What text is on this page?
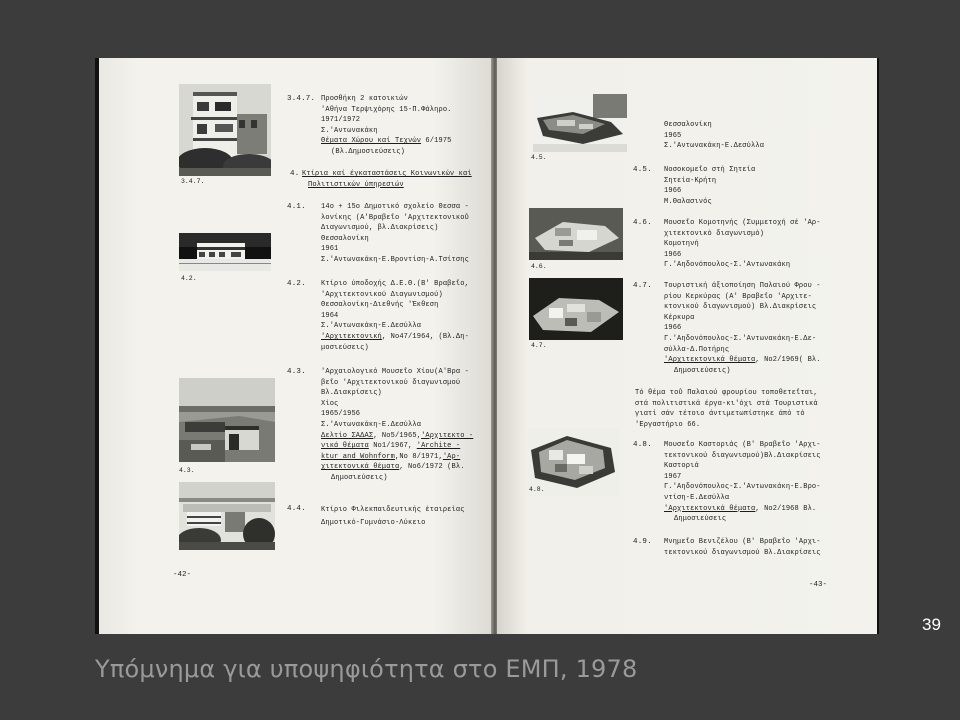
3.4.7.
3.4.7. Προσθήκη 2 κατοικιών
'Αθήνα Τερψιχόρης 15-Π.Φάληρο.
1971/1972
Σ.'Αντωνακάκη
Θέματα Χώρου καί Τεχνών 6/1975
(Βλ.Δημοσιεύσεις)
4. Κτίρια καί έγκαταστάσεις Κοινωνικών καί
Πολιτιστικών ύπηρεσιών
4.2.
4.1. 14ο + 15ο Δημοτικό σχολείο Θεσσα -
λονίκης (Α'Βραβεΐο 'Αρχιτεκτονικοΰ
Διαγωνισμού, βλ.Διακρίσεις)
Θεσσαλονίκη
1961
Σ.'Αντωνακάκη-Ε.Βροντίση-Α.Τσίτσης
4.2. Κτίριο ύποδοχής Δ.Ε.Θ.(Β' Βραβεΐο,
'Αρχιτεκτονικού Διαγωνισμού)
Θεσσαλονίκη-Διεθνής 'Έκθεση
1964
Σ.'Αντωνακάκη-Ε.Δεσύλλα
'Αρχιτεκτονική, Νο47/1964, (Βλ.Δη-
μοσιεύσεις)
4.3.
4.3. 'Αρχαιολογικό Μουσεΐο Χίου(Α'Βρα -
βεΐο 'Αρχιτεκτονικού διαγωνισμού
Βλ.Διακρίσεις)
Χίος
1965/1956
Σ.'Αντωνακάκη-Ε.Δεσύλλα
Δελτίο ΣΑΔΑΣ, Νο5/1965,'Αρχιτεκτο -
νικά θέματα Νο1/1967, 'Archite -
ktur and Wohnform,Νο 8/1971,'Αρ-
χιτεκτονικά θέματα, Νο6/1972 (Βλ.
Δημοσιεύσεις)
4.4. Κτίριο Φιλεκπαιδευτικής έταιρείας
Δημοτικό-Γυμνάσιο-Λύκειο
-42-
4.5.
Θεσσαλονίκη
1965
Σ.'Αντωνακάκη-Ε.Δεσύλλα
4.5. Νοσοκομεΐο στή Σητεία
Σητεία-Κρήτη
1966
Μ.Θαλασινός
4.6.
4.6. Μουσεΐο Κομοτηνής (Συμμετοχή σέ 'Αρ-
χιτεκτονικό διαγωνισμό)
Κομοτηνή
1966
Γ.'Αηδονόπουλος-Σ.'Αντωνακάκη
4.7.
4.7. Τουριστική άξιοποίηση Παλαιού Φρου -
ρίου Κερκύρας (Α' Βραβεΐο 'Αρχιτε-
κτονικού διαγωνισμού) Βλ.Διακρίσεις
Κέρκυρα
1966
Γ.'Αηδονόπουλος-Σ.'Αντωνακάκη-Ε.Δε-
σύλλα-Δ.Ποτήρης
'Αρχιτεκτονικά θέματα, Νο2/1969( Βλ.
Δημοσιεύσεις)
Τό θέμα τοΰ Παλαιού φρουρίου τοποθετεΐται,
στά πολιτιστικά έργα-κι'όχι στά Τουριστικά
γιατί σάν τέτοιο άντιμετωπίστηκε άπό τό
'Εργαστήριο 66.
4.8.
4.8. Μουσεΐο Καστοριάς (Β' Βραβεΐο 'Αρχι-
τεκτονικού διαγωνισμού)Βλ.Διακρίσεις
Καστοριά
1967
Γ.'Αηδονόπουλος-Σ.'Αντωνακάκη-Ε.Βρο-
ντίση-Ε.Δεσύλλα
'Αρχιτεκτονικά θέματα, Νο2/1968 Βλ.
Δημοσιεύσεις
4.9. Μνημεΐο Βενιζέλου (Β' Βραβεΐο 'Αρχι-
τεκτονικού διαγωνισμού Βλ.Διακρίσεις
-43-
39
Υπόμνημα για υποψηφιότητα στο ΕΜΠ, 1978
